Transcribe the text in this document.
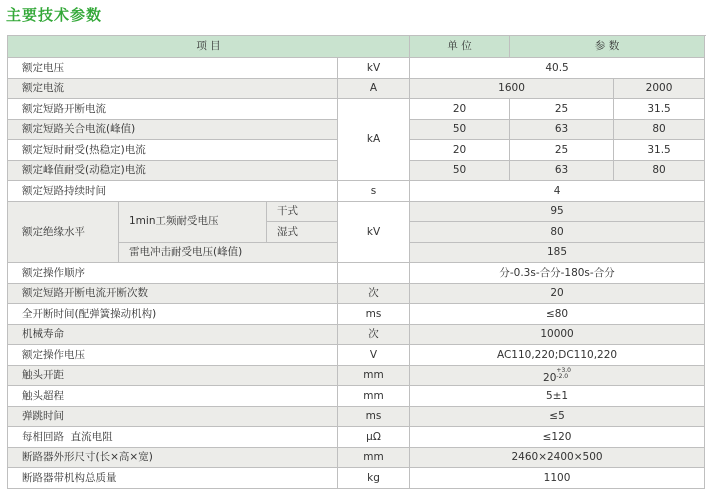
主要技术参数
项 目				单 位	参 数	
额定电压			kV	40.5		
额定电流			A	1600		2000
额定短路开断电流			kA	20	25	31.5
额定短路关合电流(峰值)				50	63	80
额定短时耐受(热稳定)电流				20	25	31.5
额定峰值耐受(动稳定)电流				50	63	80
额定短路持续时间			s	4		
额定绝缘水平	1min工频耐受电压	干式	kV	95		
		湿式		80		
	雷电冲击耐受电压(峰值)			185		
额定操作顺序				分-0.3s-合分-180s-合分		
额定短路开断电流开断次数			次	20		
全开断时间(配弹簧操动机构)			ms	≤80		
机械寿命			次	10000		
额定操作电压			V	AC110,220;DC110,220		
触头开距			mm	$20^{+3.0 -2.0}$
触头超程			mm	5±1		
弹跳时间			ms	≤5		
每相回路  直流电阻			μΩ	≤120		
断路器外形尺寸(长×高×宽)			mm	2460×2400×500		
断路器带机构总质量			kg	1100		
